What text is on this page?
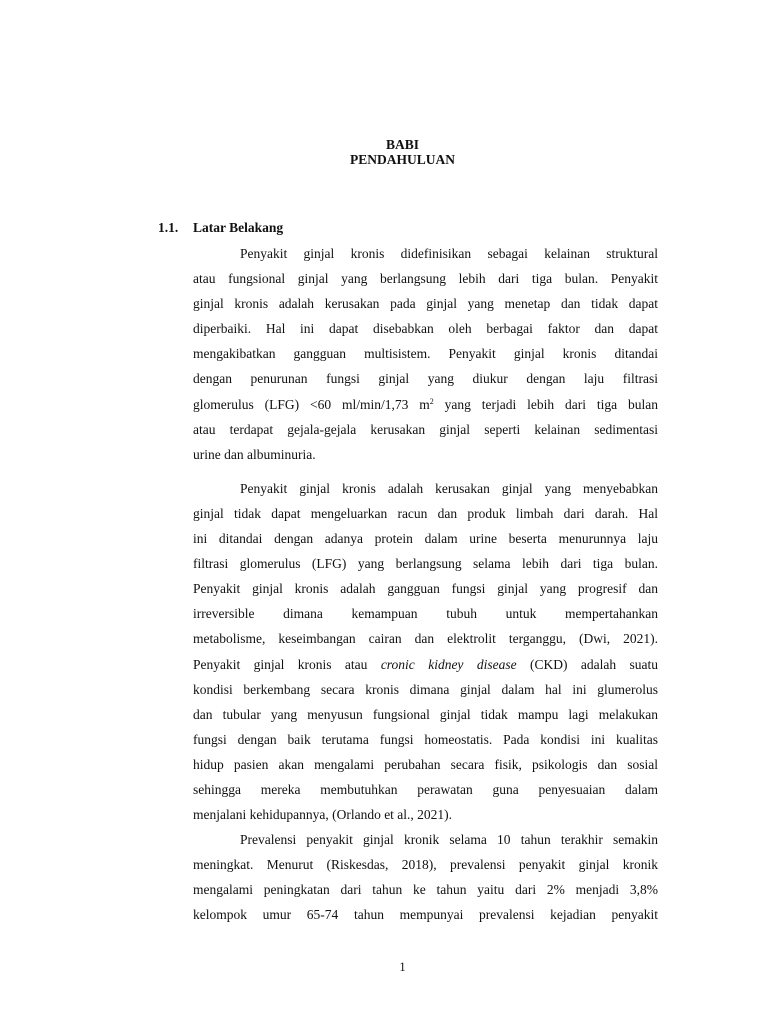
BABI
PENDAHULUAN
1.1. Latar Belakang
Penyakit ginjal kronis didefinisikan sebagai kelainan struktural
atau fungsional ginjal yang berlangsung lebih dari tiga bulan. Penyakit
ginjal kronis adalah kerusakan pada ginjal yang menetap dan tidak dapat
diperbaiki. Hal ini dapat disebabkan oleh berbagai faktor dan dapat
mengakibatkan gangguan multisistem. Penyakit ginjal kronis ditandai
dengan penurunan fungsi ginjal yang diukur dengan laju filtrasi
glomerulus (LFG) <60 ml/min/1,73 $m^2$ yang terjadi lebih dari tiga bulan
atau terdapat gejala-gejala kerusakan ginjal seperti kelainan sedimentasi
urine dan albuminuria.
Penyakit ginjal kronis adalah kerusakan ginjal yang menyebabkan
ginjal tidak dapat mengeluarkan racun dan produk limbah dari darah. Hal
ini ditandai dengan adanya protein dalam urine beserta menurunnya laju
filtrasi glomerulus (LFG) yang berlangsung selama lebih dari tiga bulan.
Penyakit ginjal kronis adalah gangguan fungsi ginjal yang progresif dan
irreversible dimana kemampuan tubuh untuk mempertahankan
metabolisme, keseimbangan cairan dan elektrolit terganggu, (Dwi, 2021).
Penyakit ginjal kronis atau cronic kidney disease (CKD) adalah suatu
kondisi berkembang secara kronis dimana ginjal dalam hal ini glumerolus
dan tubular yang menyusun fungsional ginjal tidak mampu lagi melakukan
fungsi dengan baik terutama fungsi homeostatis. Pada kondisi ini kualitas
hidup pasien akan mengalami perubahan secara fisik, psikologis dan sosial
sehingga mereka membutuhkan perawatan guna penyesuaian dalam
menjalani kehidupannya, (Orlando et al., 2021).
Prevalensi penyakit ginjal kronik selama 10 tahun terakhir semakin
meningkat. Menurut (Riskesdas, 2018), prevalensi penyakit ginjal kronik
mengalami peningkatan dari tahun ke tahun yaitu dari 2% menjadi 3,8%
kelompok umur 65-74 tahun mempunyai prevalensi kejadian penyakit
1
